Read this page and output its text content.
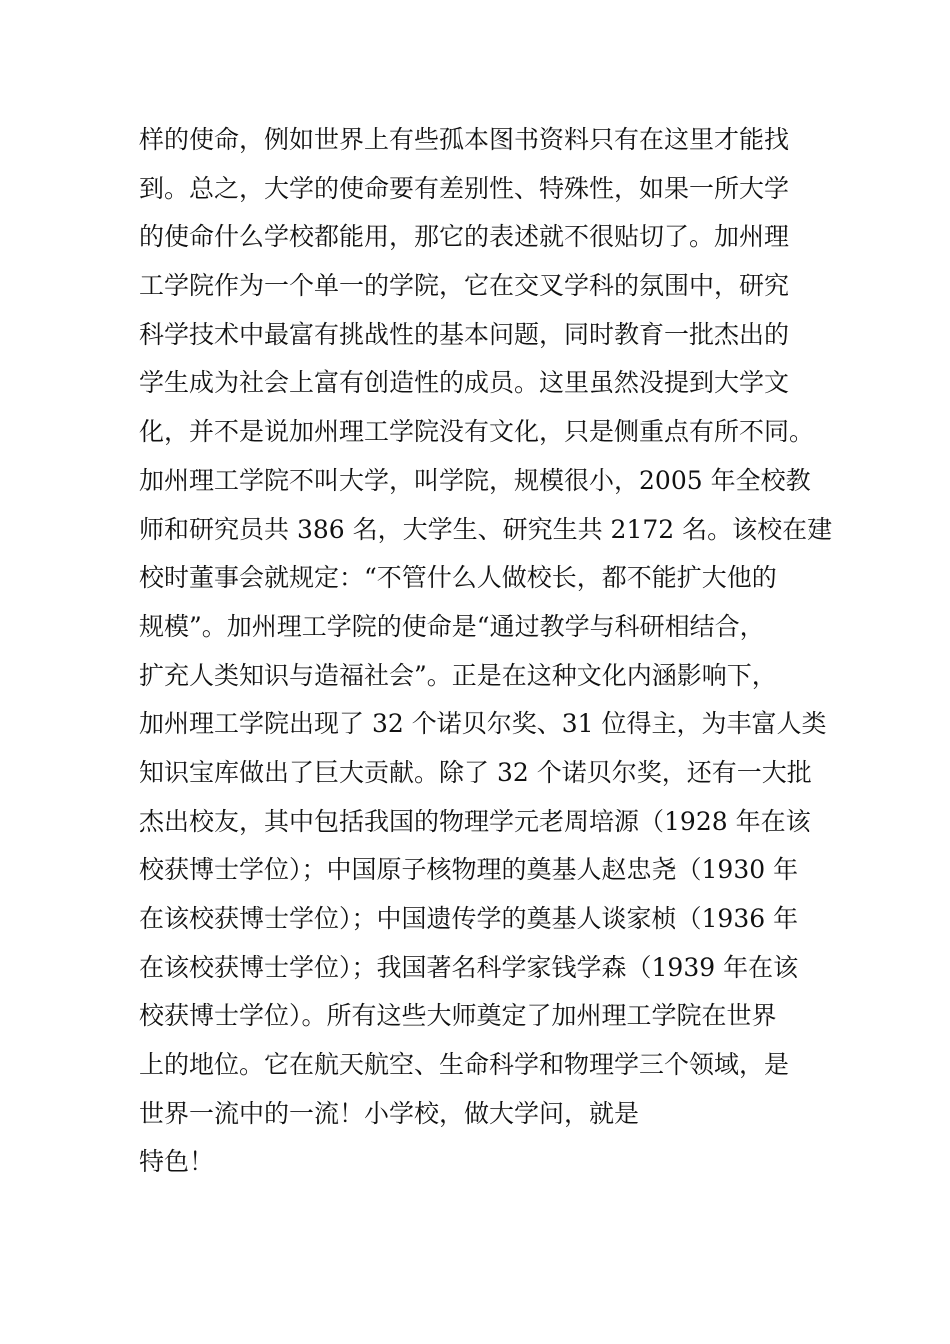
样的使命，例如世界上有些孤本图书资料只有在这里才能找
到。总之，大学的使命要有差别性、特殊性，如果一所大学
的使命什么学校都能用，那它的表述就不很贴切了。加州理
工学院作为一个单一的学院，它在交叉学科的氛围中，研究
科学技术中最富有挑战性的基本问题，同时教育一批杰出的
学生成为社会上富有创造性的成员。这里虽然没提到大学文
化，并不是说加州理工学院没有文化，只是侧重点有所不同。
加州理工学院不叫大学，叫学院，规模很小，2005 年全校教
师和研究员共 386 名，大学生、研究生共 2172 名。该校在建
校时董事会就规定：“不管什么人做校长，都不能扩大他的
规模”。加州理工学院的使命是“通过教学与科研相结合，
扩充人类知识与造福社会”。正是在这种文化内涵影响下，
加州理工学院出现了 32 个诺贝尔奖、31 位得主，为丰富人类
知识宝库做出了巨大贡献。除了 32 个诺贝尔奖，还有一大批
杰出校友，其中包括我国的物理学元老周培源（1928 年在该
校获博士学位）；中国原子核物理的奠基人赵忠尧（1930 年
在该校获博士学位）；中国遗传学的奠基人谈家桢（1936 年
在该校获博士学位）；我国著名科学家钱学森（1939 年在该
校获博士学位）。所有这些大师奠定了加州理工学院在世界
上的地位。它在航天航空、生命科学和物理学三个领域，是
世界一流中的一流！小学校，做大学问，就是
特色！
